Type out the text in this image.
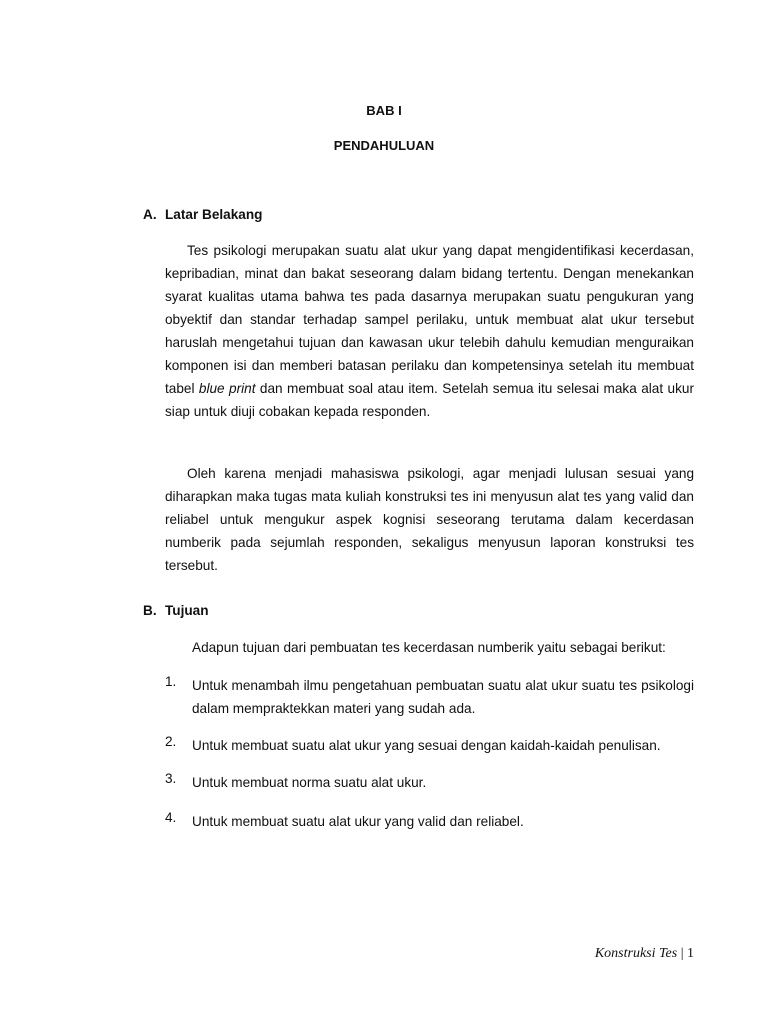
BAB I

PENDAHULUAN

A. Latar Belakang

Tes psikologi merupakan suatu alat ukur yang dapat mengidentifikasi kecerdasan, kepribadian, minat dan bakat seseorang dalam bidang tertentu. Dengan menekankan syarat kualitas utama bahwa tes pada dasarnya merupakan suatu pengukuran yang obyektif dan standar terhadap sampel perilaku, untuk membuat alat ukur tersebut haruslah mengetahui tujuan dan kawasan ukur telebih dahulu kemudian menguraikan komponen isi dan memberi batasan perilaku dan kompetensinya setelah itu membuat tabel blue print dan membuat soal atau item. Setelah semua itu selesai maka alat ukur siap untuk diuji cobakan kepada responden.

Oleh karena menjadi mahasiswa psikologi, agar menjadi lulusan sesuai yang diharapkan maka tugas mata kuliah konstruksi tes ini menyusun alat tes yang valid dan reliabel untuk mengukur aspek kognisi seseorang terutama dalam kecerdasan numberik pada sejumlah responden, sekaligus menyusun laporan konstruksi tes tersebut.

B. Tujuan

Adapun tujuan dari pembuatan tes kecerdasan numberik yaitu sebagai berikut:

1.	Untuk menambah ilmu pengetahuan pembuatan suatu alat ukur suatu tes psikologi dalam mempraktekkan materi yang sudah ada.
2.	Untuk membuat suatu alat ukur yang sesuai dengan kaidah-kaidah penulisan.
3.	Untuk membuat norma suatu alat ukur.
4.	Untuk membuat suatu alat ukur yang valid dan reliabel.

Konstruksi Tes | 1
